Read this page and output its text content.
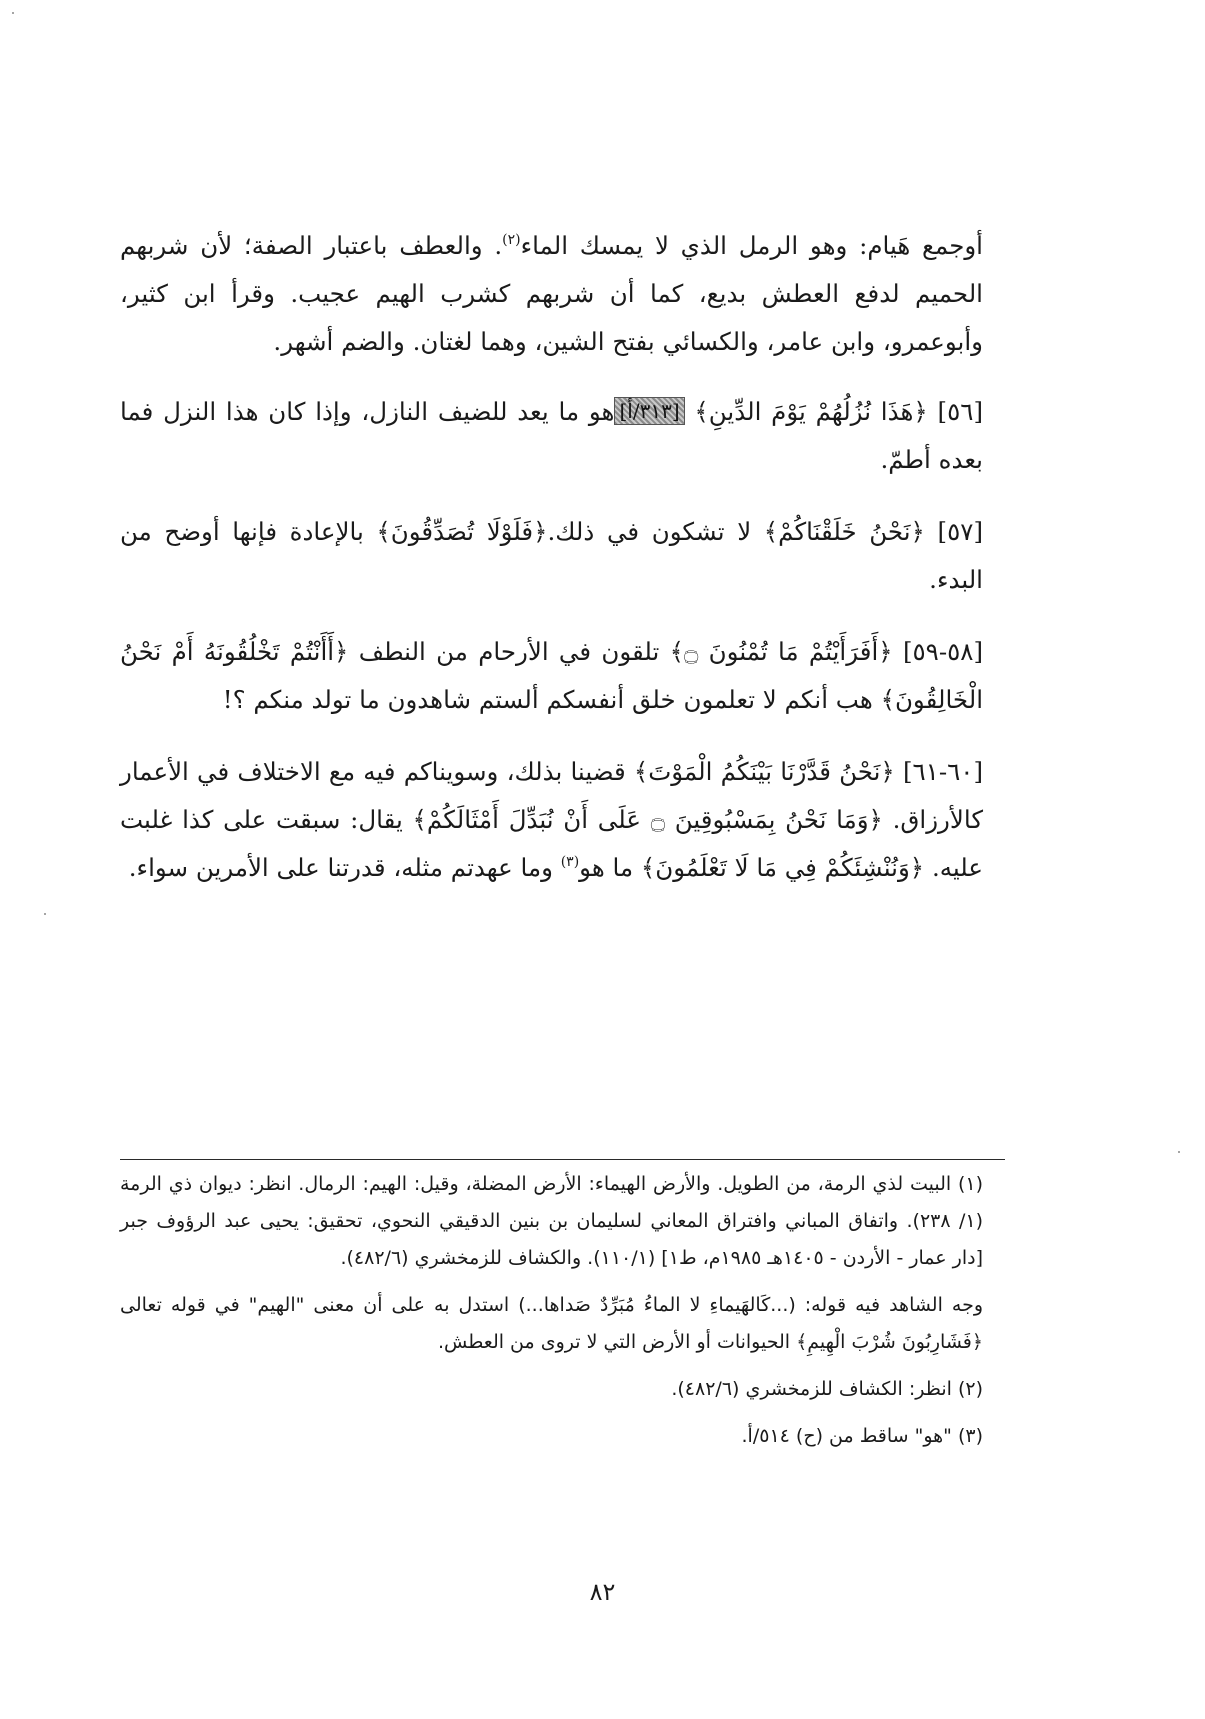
أوجمع هَيام: وهو الرمل الذي لا يمسك الماء$^{(٢)}$. والعطف باعتبار الصفة؛ لأن شربهم الحميم لدفع العطش بديع، كما أن شربهم كشرب الهيم عجيب. وقرأ ابن كثير، وأبوعمرو، وابن عامر، والكسائي بفتح الشين، وهما لغتان. والضم أشهر.

[٥٦] ﴿هَذَا نُزُلُهُمْ يَوْمَ الدِّينِ﴾ [٣١٣/أ]هو ما يعد للضيف النازل، وإذا كان هذا النزل فما بعده أطمّ.

[٥٧] ﴿نَحْنُ خَلَقْنَاكُمْ﴾ لا تشكون في ذلك.﴿فَلَوْلَا تُصَدِّقُونَ﴾ بالإعادة فإنها أوضح من البدء.

[٥٨-٥٩] ﴿أَفَرَأَيْتُمْ مَا تُمْنُونَ ۝﴾ تلقون في الأرحام من النطف ﴿أَأَنْتُمْ تَخْلُقُونَهُ أَمْ نَحْنُ الْخَالِقُونَ﴾ هب أنكم لا تعلمون خلق أنفسكم ألستم شاهدون ما تولد منكم ؟!

[٦٠-٦١] ﴿نَحْنُ قَدَّرْنَا بَيْنَكُمُ الْمَوْتَ﴾ قضينا بذلك، وسويناكم فيه مع الاختلاف في الأعمار كالأرزاق. ﴿وَمَا نَحْنُ بِمَسْبُوقِينَ ۝ عَلَى أَنْ نُبَدِّلَ أَمْثَالَكُمْ﴾ يقال: سبقت على كذا غلبت عليه. ﴿وَنُنْشِئَكُمْ فِي مَا لَا تَعْلَمُونَ﴾ ما هو$^{(٣)}$ وما عهدتم مثله، قدرتنا على الأمرين سواء.

(١) البيت لذي الرمة، من الطويل. والأرض الهيماء: الأرض المضلة، وقيل: الهيم: الرمال. انظر: ديوان ذي الرمة (١/ ٢٣٨). واتفاق المباني وافتراق المعاني لسليمان بن بنين الدقيقي النحوي، تحقيق: يحيى عبد الرؤوف جبر [دار عمار - الأردن - ١٤٠٥هـ ١٩٨٥م، ط١] (١١٠/١). والكشاف للزمخشري (٤٨٢/٦).

وجه الشاهد فيه قوله: (...كَالهَيماءِ لا الماءُ مُبَرِّدٌ صَداها...) استدل به على أن معنى "الهيم" في قوله تعالى ﴿فَشَارِبُونَ شُرْبَ الْهِيمِ﴾ الحيوانات أو الأرض التي لا تروى من العطش.

(٢) انظر: الكشاف للزمخشري (٤٨٢/٦).

(٣) "هو" ساقط من (ح) ٥١٤/أ.

٨٢
